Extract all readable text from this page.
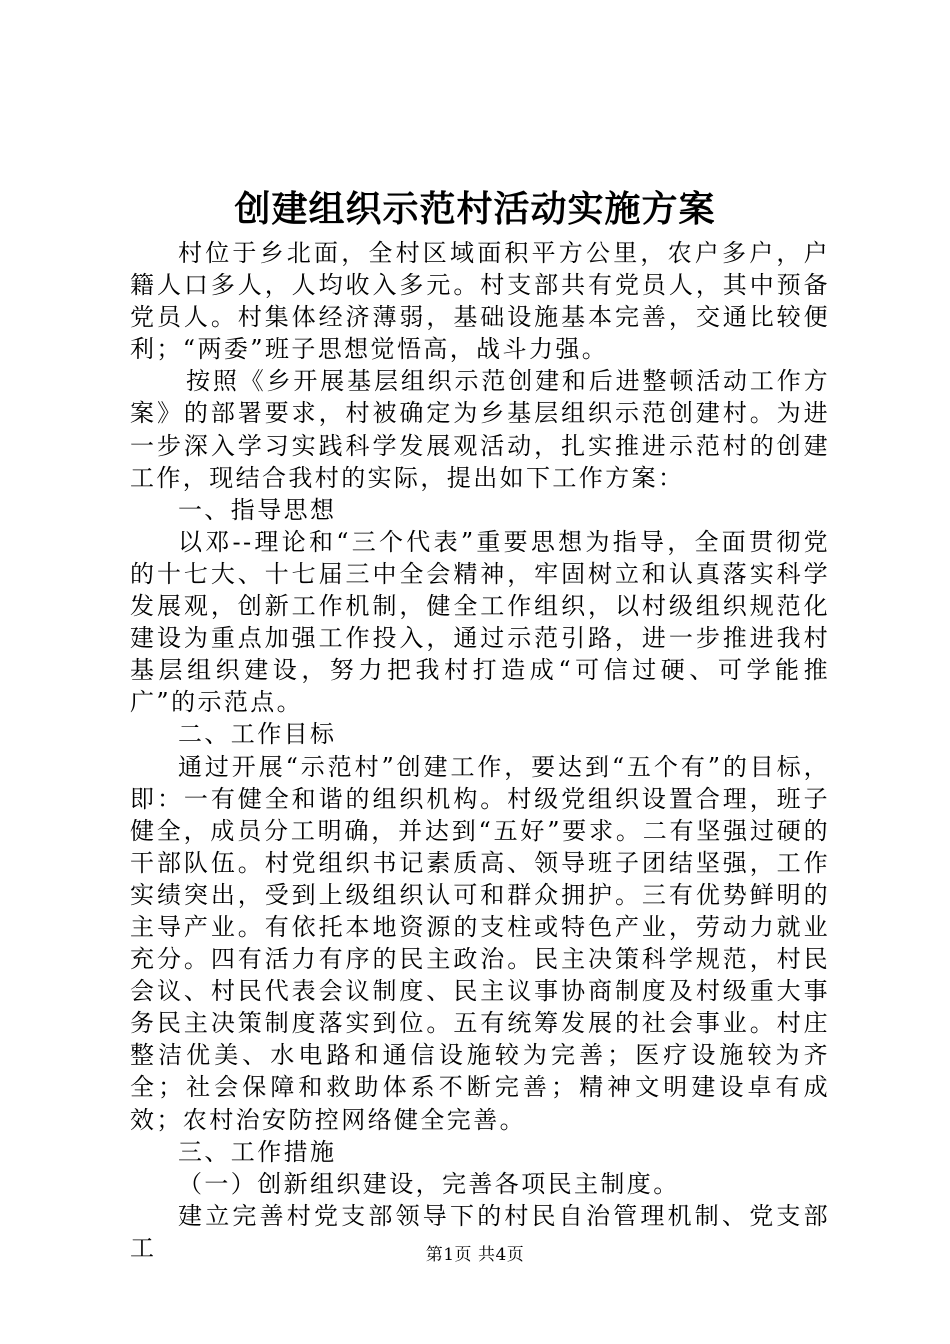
创建组织示范村活动实施方案

村位于乡北面，全村区域面积平方公里，农户多户，户籍人口多人，人均收入多元。村支部共有党员人，其中预备党员人。村集体经济薄弱，基础设施基本完善，交通比较便利；“两委”班子思想觉悟高，战斗力强。

按照《乡开展基层组织示范创建和后进整顿活动工作方案》的部署要求，村被确定为乡基层组织示范创建村。为进一步深入学习实践科学发展观活动，扎实推进示范村的创建工作，现结合我村的实际，提出如下工作方案：

一、指导思想

以邓--理论和“三个代表”重要思想为指导，全面贯彻党的十七大、十七届三中全会精神，牢固树立和认真落实科学发展观，创新工作机制，健全工作组织，以村级组织规范化建设为重点加强工作投入，通过示范引路，进一步推进我村基层组织建设，努力把我村打造成“可信过硬、可学能推广”的示范点。

二、工作目标

通过开展“示范村”创建工作，要达到“五个有”的目标，即：一有健全和谐的组织机构。村级党组织设置合理，班子健全，成员分工明确，并达到“五好”要求。二有坚强过硬的干部队伍。村党组织书记素质高、领导班子团结坚强，工作实绩突出，受到上级组织认可和群众拥护。三有优势鲜明的主导产业。有依托本地资源的支柱或特色产业，劳动力就业充分。四有活力有序的民主政治。民主决策科学规范，村民会议、村民代表会议制度、民主议事协商制度及村级重大事务民主决策制度落实到位。五有统筹发展的社会事业。村庄整洁优美、水电路和通信设施较为完善；医疗设施较为齐全；社会保障和救助体系不断完善；精神文明建设卓有成效；农村治安防控网络健全完善。

三、工作措施

（一）创新组织建设，完善各项民主制度。

建立完善村党支部领导下的村民自治管理机制、党支部工	第1页 共4页
